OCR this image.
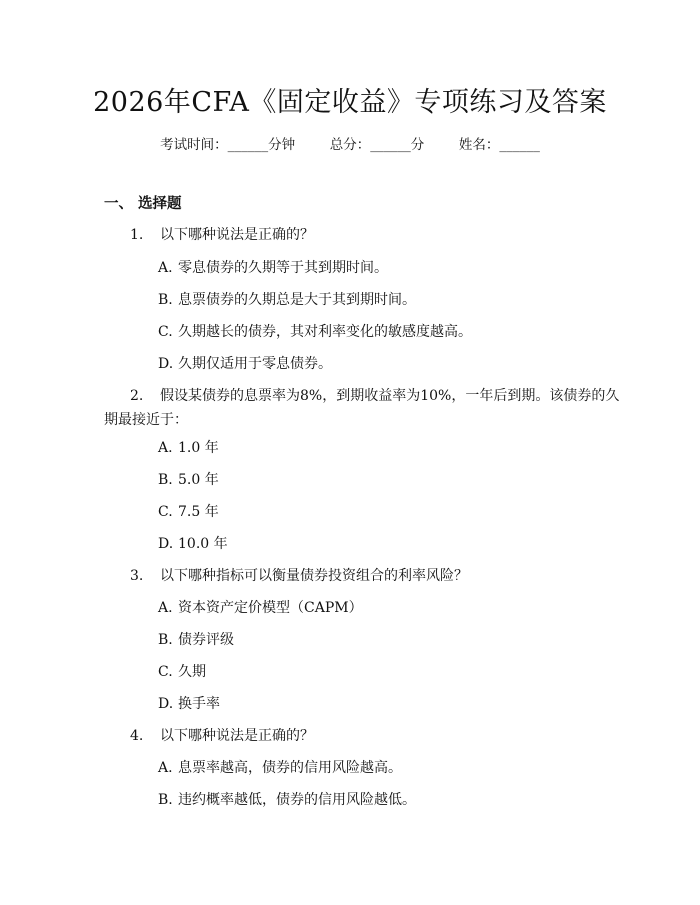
2026年CFA《固定收益》专项练习及答案
考试时间：______分钟	总分：______分	姓名：______
一、 选择题
1. 以下哪种说法是正确的？
A. 零息债券的久期等于其到期时间。
B. 息票债券的久期总是大于其到期时间。
C. 久期越长的债券，其对利率变化的敏感度越高。
D. 久期仅适用于零息债券。
2. 假设某债券的息票率为8%，到期收益率为10%，一年后到期。该债券的久
期最接近于：
A. 1.0 年
B. 5.0 年
C. 7.5 年
D. 10.0 年
3. 以下哪种指标可以衡量债券投资组合的利率风险？
A. 资本资产定价模型（CAPM）
B. 债券评级
C. 久期
D. 换手率
4. 以下哪种说法是正确的？
A. 息票率越高，债券的信用风险越高。
B. 违约概率越低，债券的信用风险越低。
